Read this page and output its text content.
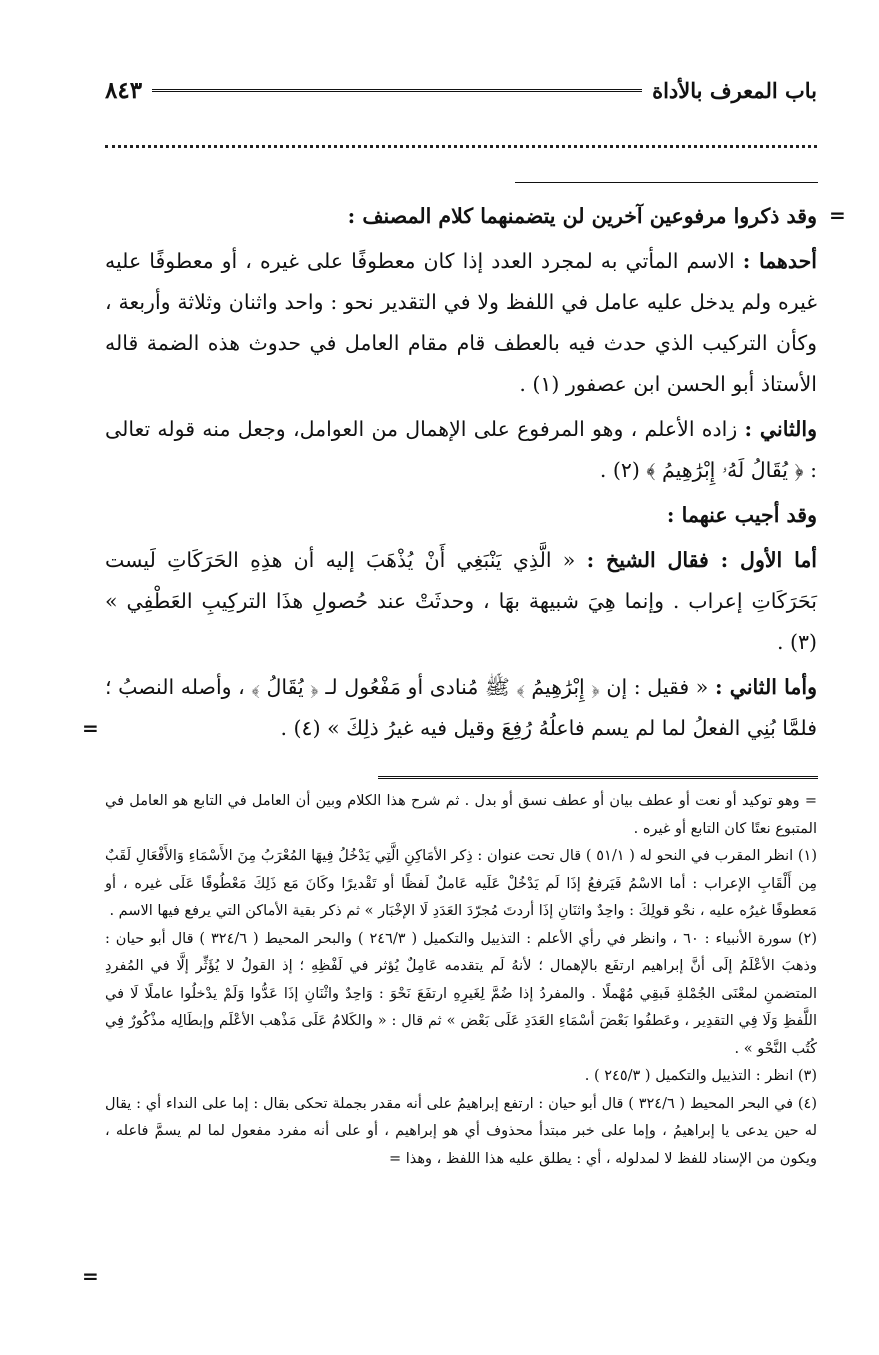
باب المعرف بالأداة
٨٤٣
=
=

وقد ذكروا مرفوعين آخرين لن يتضمنهما كلام المصنف :

أحدهما : الاسم المأتي به لمجرد العدد إذا كان معطوفًا على غيره ، أو معطوفًا عليه غيره ولم يدخل عليه عامل في اللفظ ولا في التقدير نحو : واحد واثنان وثلاثة وأربعة ، وكأن التركيب الذي حدث فيه بالعطف قام مقام العامل في حدوث هذه الضمة قاله الأستاذ أبو الحسن ابن عصفور (١) .

والثاني : زاده الأعلم ، وهو المرفوع على الإهمال من العوامل، وجعل منه قوله تعالى : ﴿ يُقَالُ لَهُۥ إِبْرَٰهِيمُ ﴾ (٢) .

وقد أجيب عنهما :

أما الأول : فقال الشيخ : « الَّذِي يَنْبَغِي أَنْ يُذْهَبَ إليه أن هذِهِ الحَرَكَاتِ لَيست بَحَرَكَاتِ إعراب . وإنما هِيَ شبيهة بهَا ، وحدثَتْ عند حُصولِ هذَا التركِيبِ العَطْفِي » (٣) .

وأما الثاني : « فقيل : إن ﴿ إِبْرَٰهِيمُ ﴾ ﷺ مُنادى أو مَفْعُول لـ ﴿ يُقَالُ ﴾ ، وأصله النصبُ ؛ فلمَّا بُنِي الفعلُ لما لم يسم فاعلُهُ رُفِعَ وقيل فيه غيرُ ذلِكَ » (٤) .

= وهو توكيد أو نعت أو عطف بيان أو عطف نسق أو بدل . ثم شرح هذا الكلام وبين أن العامل في التابع هو العامل في المتبوع نعتًا كان التابع أو غيره .

(١) انظر المقرب في النحو له ( ٥١/١ ) قال تحت عنوان : ذِكر الأمَاكِنِ الَّتِي يَدْخُلُ فِيهَا المُعْرَبُ مِنَ الأَسْمَاءِ وَالأَفْعَالِ لَقَبٌ مِن أَلْقَابِ الإعراب : أما الاسْمُ فَيَرفعُ إذَا لَم يَدْخُلْ عَلَيه عَاملٌ لَفظًا أو تَقْديرًا وكَانَ مَع ذَلِكَ مَعْطُوفًا عَلَى غيره ، أو مَعطوفًا غيرُه عليه ، نحْو قولِكَ : واحِدٌ واثنَانِ إذَا أردتَ مُجرّدَ العَدَدِ لَا الإخْبَار » ثم ذكر بقية الأماكن التي يرفع فيها الاسم .

(٢) سورة الأنبياء : ٦٠ ، وانظر في رأي الأعلم : التذييل والتكميل ( ٢٤٦/٣ ) والبحر المحيط ( ٣٢٤/٦ ) قال أبو حيان : وذهبَ الأعْلَمُ إلَى أنَّ إبراهيم ارتفَع بالإهمال ؛ لأنهُ لَم يتقدمه عَامِلٌ يُؤثر في لَفْظِهِ ؛ إذ القولُ لا يُؤَثِّر إلَّا في المُفردِ المتضمنِ لمعْنَى الجُمْلةِ فَبقِي مُهْملًا . والمفردُ إذا ضُمَّ لِغَيرِهِ ارتفَعَ نَحْوَ : وَاحِدٌ واثْنَانِ إذَا عَدُّوا وَلَمْ يدْخلُوا عاملًا لَا في اللَّفظِ وَلَا فِي التقدِير ، وعَطفُوا بَعْضَ أسْمَاءِ العَدَدِ عَلَى بَعْض » ثم قال : « والكَلامُ عَلَى مَذْهب الأعْلَم وإبطَالِه مذْكُورٌ فِي كُتُب النَّحْو » .

(٣) انظر : التذييل والتكميل ( ٢٤٥/٣ ) .

(٤) في البحر المحيط ( ٣٢٤/٦ ) قال أبو حيان : ارتفع إبراهيمُ على أنه مقدر بجملة تحكى بقال : إما على النداء أي : يقال له حين يدعى يا إبراهيمُ ، وإما على خبر مبتدأ محذوف أي هو إبراهيم ، أو على أنه مفرد مفعول لما لم يسمَّ فاعله ، ويكون من الإسناد للفظ لا لمدلوله ، أي : يطلق عليه هذا اللفظ ، وهذا =

=
